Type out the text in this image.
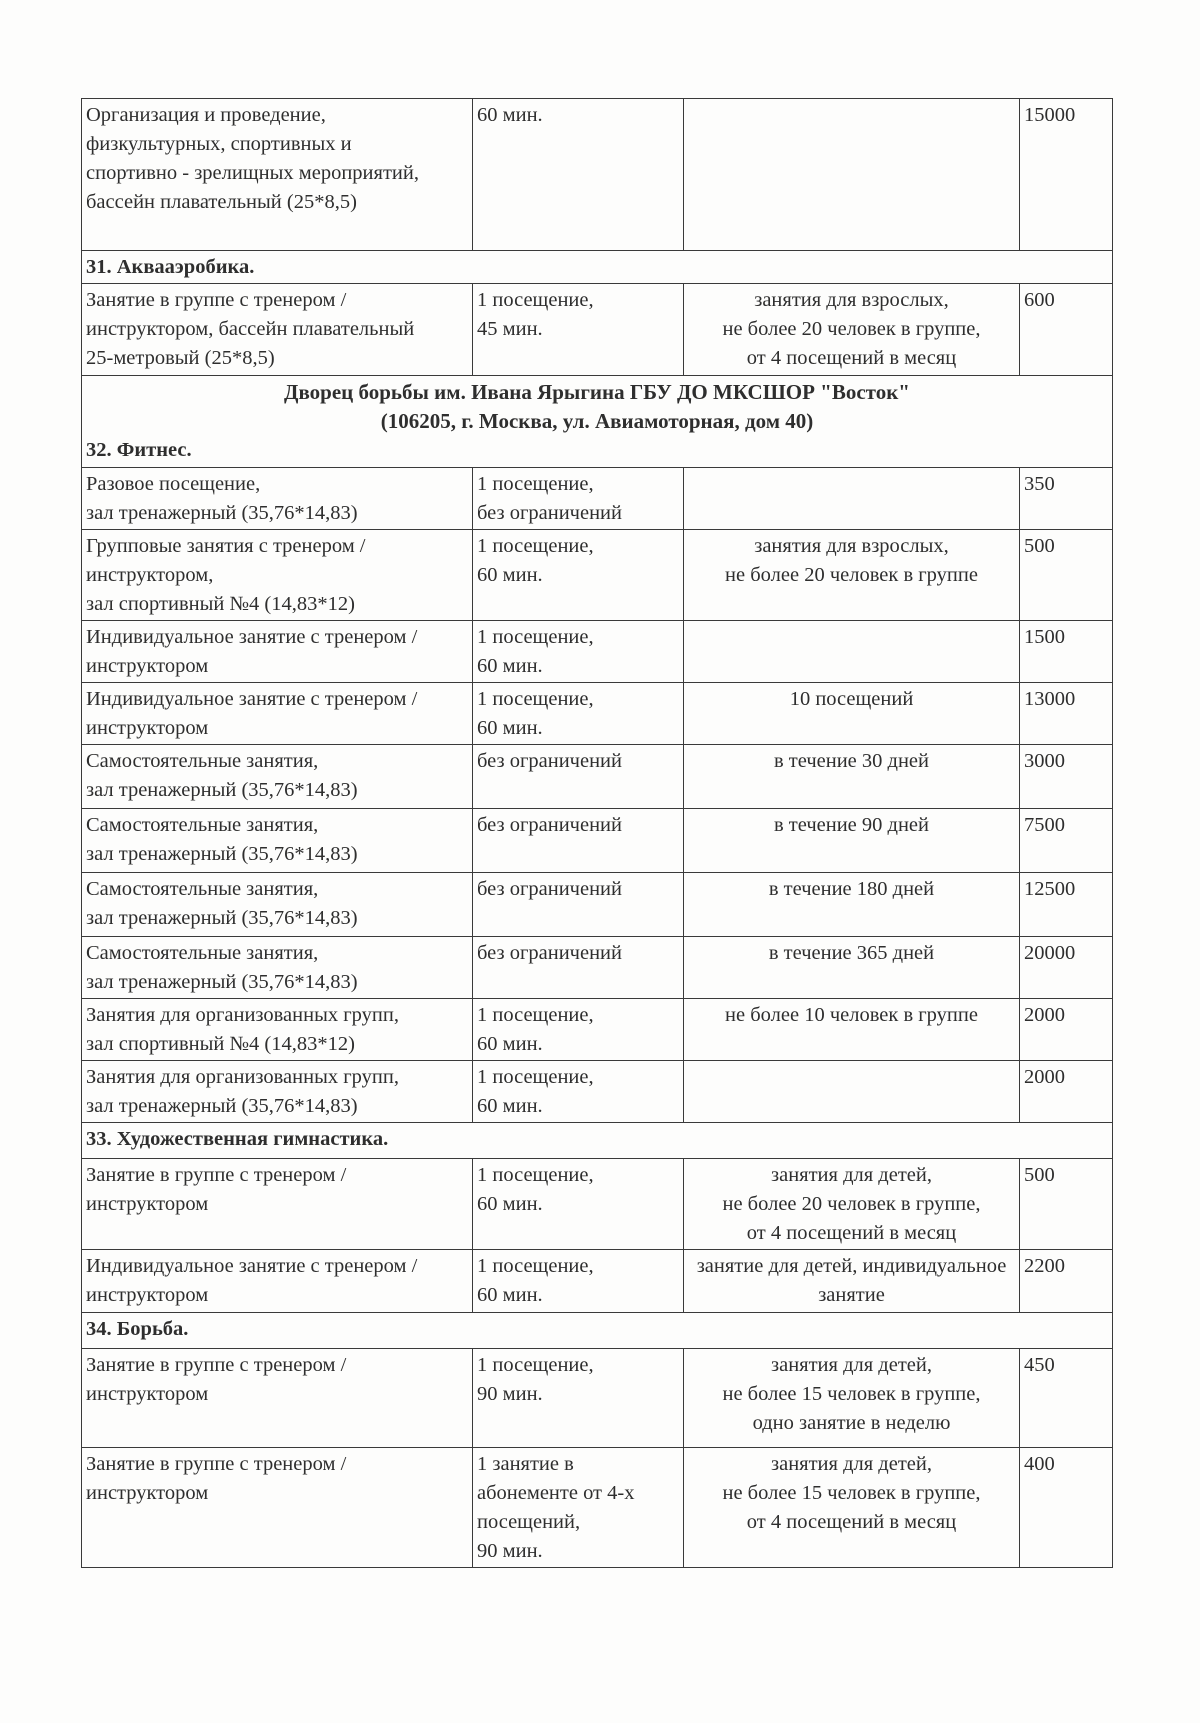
Организация и проведение,
физкультурных, спортивных и
спортивно - зрелищных мероприятий,
бассейн плавательный (25*8,5)	60 мин.		15000
31. Аквааэробика.			
Занятие в группе с тренером /
инструктором, бассейн плавательный
25-метровый (25*8,5)	1 посещение,
45 мин.	занятия для взрослых,
не более 20 человек в группе,
от 4 посещений в месяц	600

Дворец борьбы им. Ивана Ярыгина ГБУ ДО МКСШОР "Восток"
(106205, г. Москва, ул. Авиамоторная, дом 40)
32. Фитнес.			

Разовое посещение,
зал тренажерный (35,76*14,83)	1 посещение,
без ограничений		350
Групповые занятия с тренером /
инструктором,
зал спортивный №4 (14,83*12)	1 посещение,
60 мин.	занятия для взрослых,
не более 20 человек в группе	500
Индивидуальное занятие с тренером /
инструктором	1 посещение,
60 мин.		1500
Индивидуальное занятие с тренером /
инструктором	1 посещение,
60 мин.	10 посещений	13000
Самостоятельные занятия,
зал тренажерный (35,76*14,83)	без ограничений	в течение 30 дней	3000
Самостоятельные занятия,
зал тренажерный (35,76*14,83)	без ограничений	в течение 90 дней	7500
Самостоятельные занятия,
зал тренажерный (35,76*14,83)	без ограничений	в течение 180 дней	12500
Самостоятельные занятия,
зал тренажерный (35,76*14,83)	без ограничений	в течение 365 дней	20000
Занятия для организованных групп,
зал спортивный №4 (14,83*12)	1 посещение,
60 мин.	не более 10 человек в группе	2000
Занятия для организованных групп,
зал тренажерный (35,76*14,83)	1 посещение,
60 мин.		2000
33. Художественная гимнастика.			
Занятие в группе с тренером /
инструктором	1 посещение,
60 мин.	занятия для детей,
не более 20 человек в группе,
от 4 посещений в месяц	500
Индивидуальное занятие с тренером /
инструктором	1 посещение,
60 мин.	занятие для детей, индивидуальное
занятие	2200
34. Борьба.			
Занятие в группе с тренером /
инструктором	1 посещение,
90 мин.	занятия для детей,
не более 15 человек в группе,
одно занятие в неделю	450
Занятие в группе с тренером /
инструктором	1 занятие в
абонементе от 4-х
посещений,
90 мин.	занятия для детей,
не более 15 человек в группе,
от 4 посещений в месяц	400
